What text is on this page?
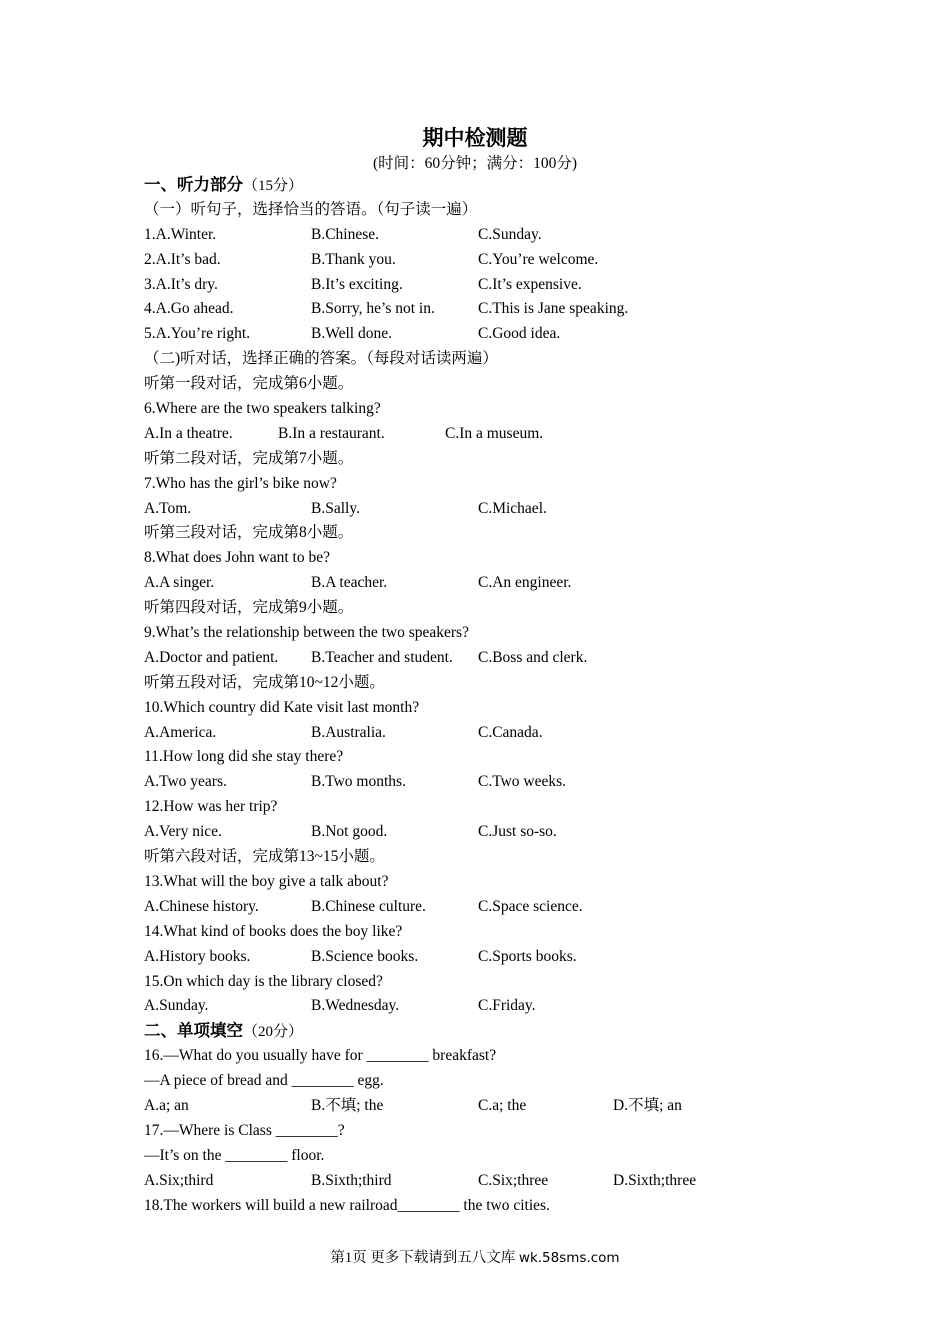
期中检测题
(时间：60分钟；满分：100分)
一、听力部分（15分）
（一）听句子，选择恰当的答语。（句子读一遍）
1.A.Winter.	B.Chinese.	C.Sunday.
2.A.It’s bad.	B.Thank you.	C.You’re welcome.
3.A.It’s dry.	B.It’s exciting.	C.It’s expensive.
4.A.Go ahead.	B.Sorry, he’s not in.	C.This is Jane speaking.
5.A.You’re right.	B.Well done.	C.Good idea.
（二)听对话，选择正确的答案。（每段对话读两遍）
听第一段对话，完成第6小题。
6.Where are the two speakers talking?
A.In a theatre.	B.In a restaurant.	C.In a museum.
听第二段对话，完成第7小题。
7.Who has the girl’s bike now?
A.Tom.	B.Sally.	C.Michael.
听第三段对话，完成第8小题。
8.What does John want to be?
A.A singer.	B.A teacher.	C.An engineer.
听第四段对话，完成第9小题。
9.What’s the relationship between the two speakers?
A.Doctor and patient. B.Teacher and student. C.Boss and clerk.
听第五段对话，完成第10~12小题。
10.Which country did Kate visit last month?
A.America.	B.Australia.	C.Canada.
11.How long did she stay there?
A.Two years.	B.Two months.	C.Two weeks.
12.How was her trip?
A.Very nice.	B.Not good.	C.Just so-so.
听第六段对话，完成第13~15小题。
13.What will the boy give a talk about?
A.Chinese history.	B.Chinese culture.	C.Space science.
14.What kind of books does the boy like?
A.History books.	B.Science books.	C.Sports books.
15.On which day is the library closed?
A.Sunday.	B.Wednesday.	C.Friday.
二、单项填空（20分）
16.—What do you usually have for ________ breakfast?
—A piece of bread and ________ egg.
A.a; an	B.不填; the	C.a; the	D.不填; an
17.—Where is Class ________?
—It’s on the ________ floor.
A.Six;third	B.Sixth;third	C.Six;three	D.Sixth;three
18.The workers will build a new railroad________ the two cities.
第1页 更多下载请到五八文库 wk.58sms.com
